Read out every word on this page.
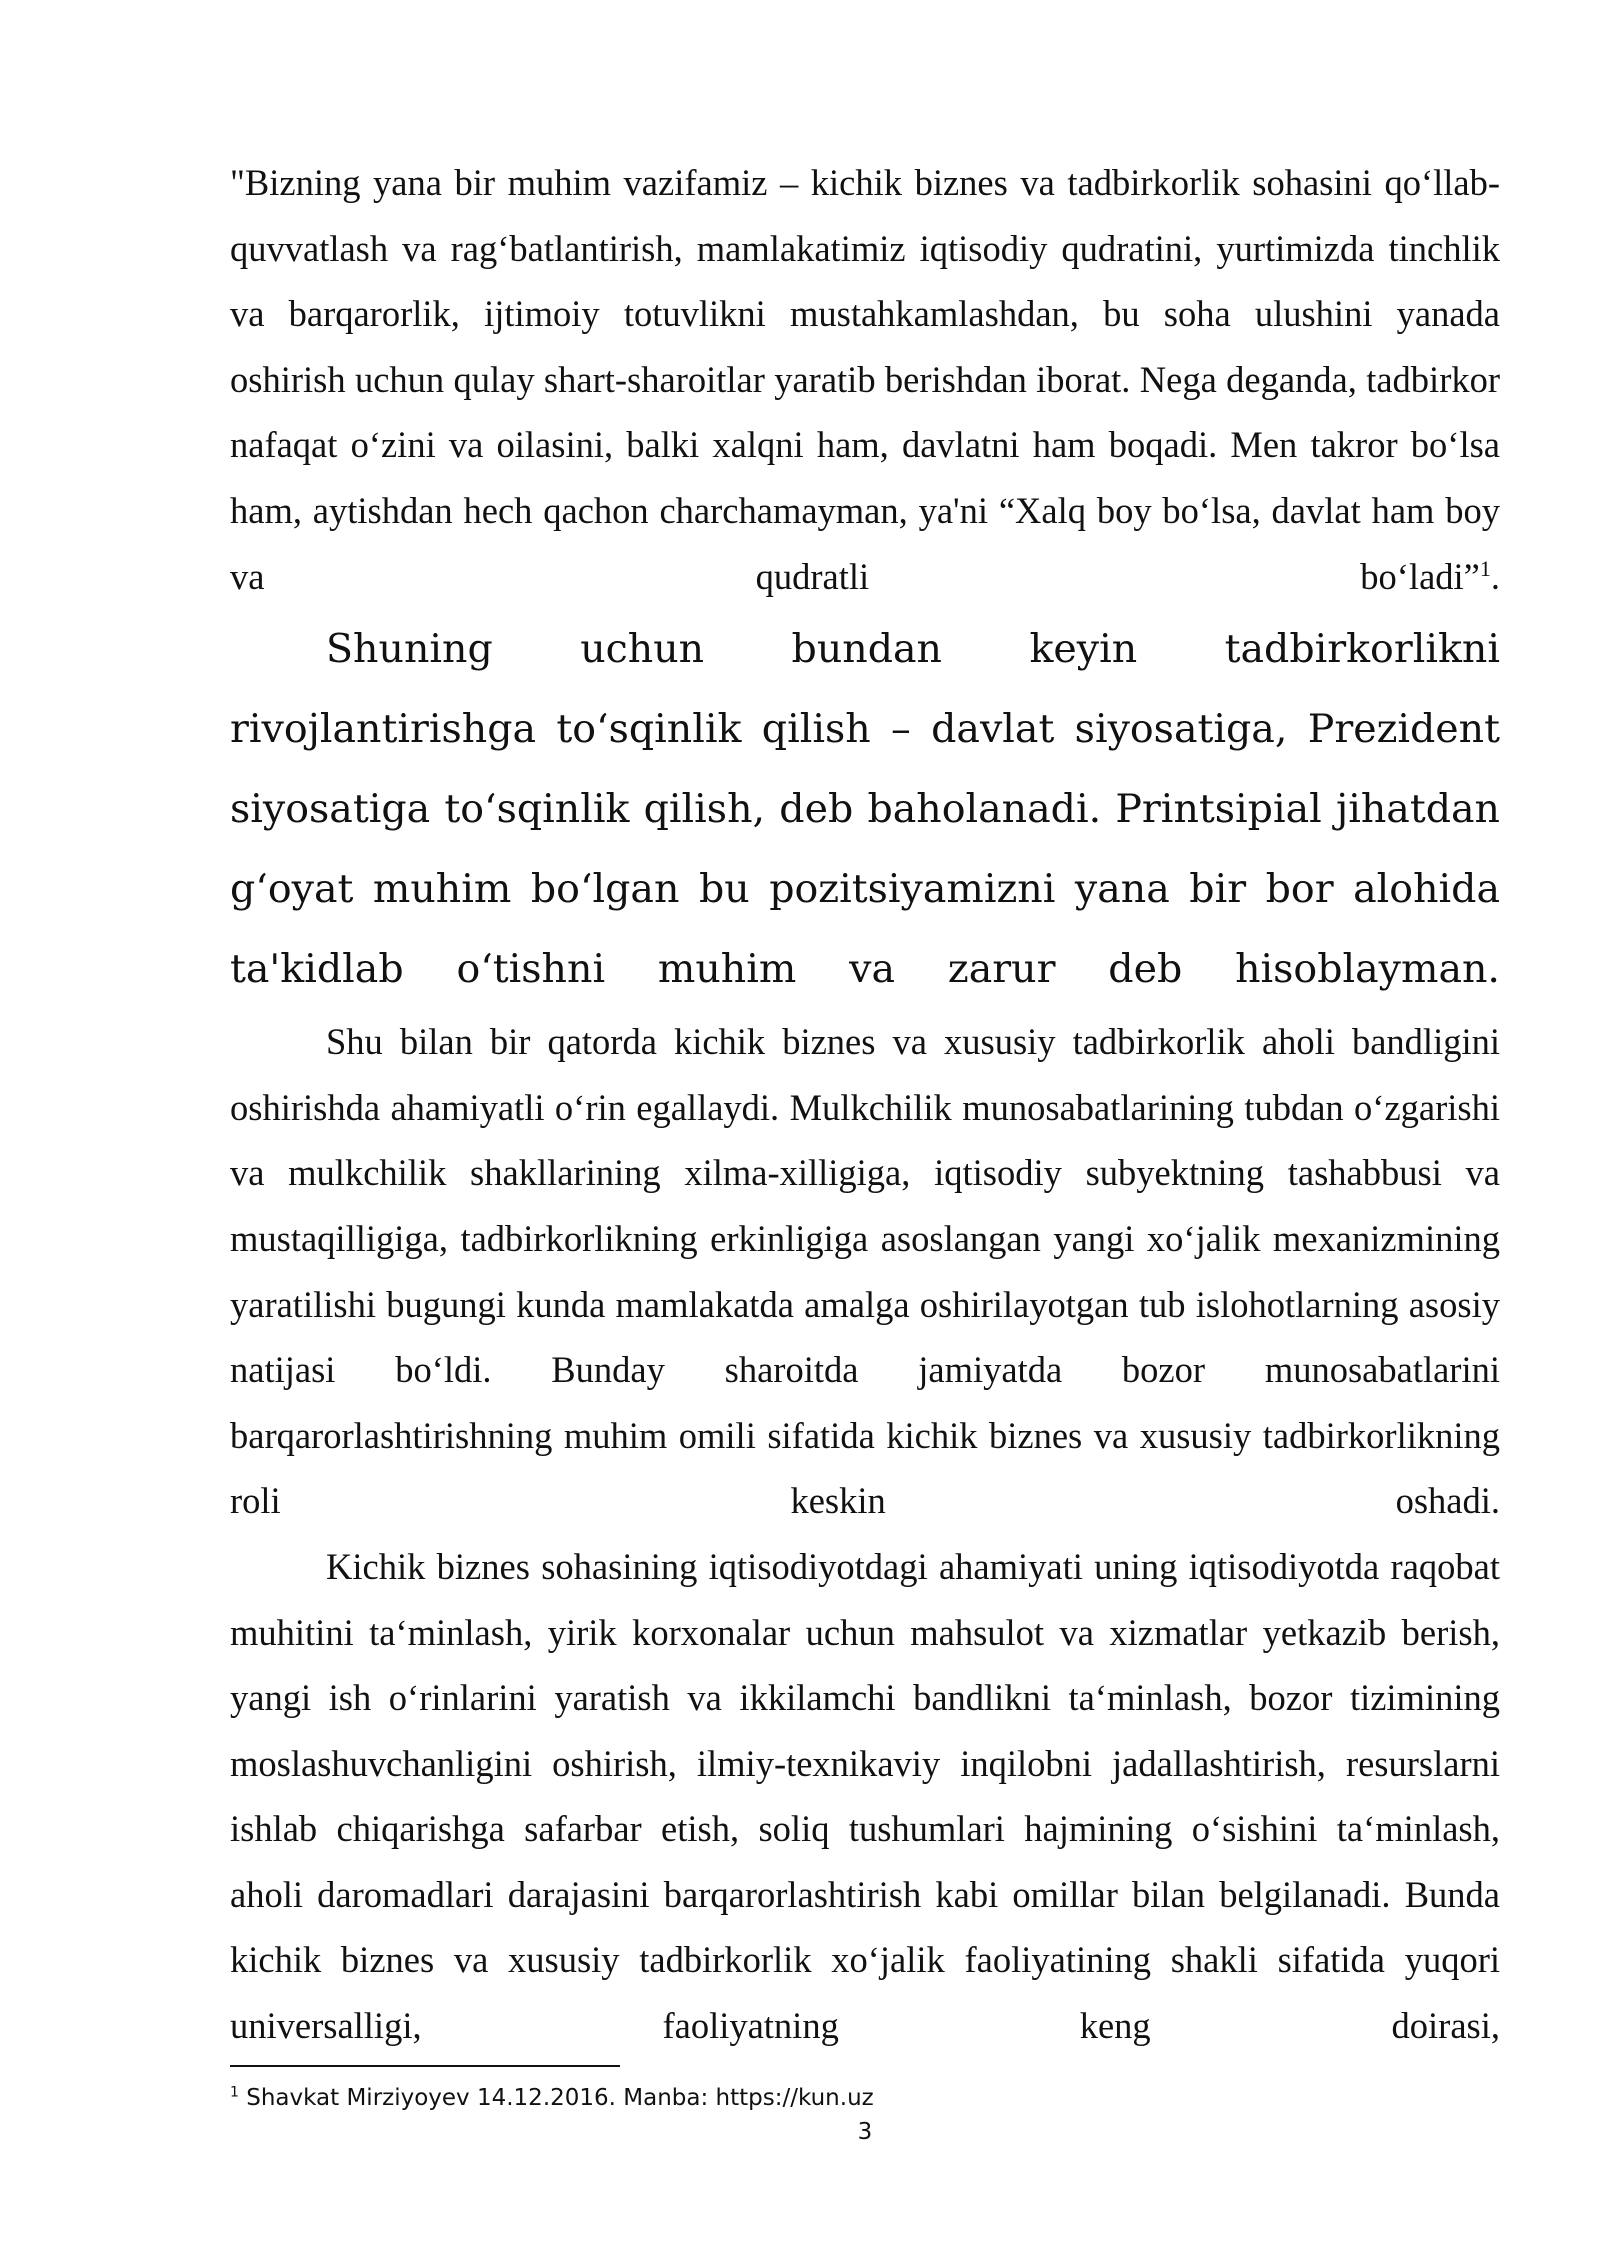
"Bizning yana bir muhim vazifamiz – kichik biznes va tadbirkorlik sohasini qo‘llab-quvvatlash va rag‘batlantirish, mamlakatimiz iqtisodiy qudratini, yurtimizda tinchlik va barqarorlik, ijtimoiy totuvlikni mustahkamlashdan, bu soha ulushini yanada oshirish uchun qulay shart-sharoitlar yaratib berishdan iborat. Nega deganda, tadbirkor nafaqat o‘zini va oilasini, balki xalqni ham, davlatni ham boqadi. Men takror bo‘lsa ham, aytishdan hech qachon charchamayman, ya'ni “Xalq boy bo‘lsa, davlat ham boy va qudratli bo‘ladi”$^1$.

Shuning uchun bundan keyin tadbirkorlikni rivojlantirishga to‘sqinlik qilish – davlat siyosatiga, Prezident siyosatiga to‘sqinlik qilish, deb baholanadi. Printsipial jihatdan g‘oyat muhim bo‘lgan bu pozitsiyamizni yana bir bor alohida ta'kidlab o‘tishni muhim va zarur deb hisoblayman.

Shu bilan bir qatorda kichik biznes va xususiy tadbirkorlik aholi bandligini oshirishda ahamiyatli o‘rin egallaydi. Mulkchilik munosabatlarining tubdan o‘zgarishi va mulkchilik shakllarining xilma-xilligiga, iqtisodiy subyektning tashabbusi va mustaqilligiga, tadbirkorlikning erkinligiga asoslangan yangi xo‘jalik mexanizmining yaratilishi bugungi kunda mamlakatda amalga oshirilayotgan tub islohotlarning asosiy natijasi bo‘ldi. Bunday sharoitda jamiyatda bozor munosabatlarini barqarorlashtirishning muhim omili sifatida kichik biznes va xususiy tadbirkorlikning roli keskin oshadi.

Kichik biznes sohasining iqtisodiyotdagi ahamiyati uning iqtisodiyotda raqobat muhitini ta‘minlash, yirik korxonalar uchun mahsulot va xizmatlar yetkazib berish, yangi ish o‘rinlarini yaratish va ikkilamchi bandlikni ta‘minlash, bozor tizimining moslashuvchanligini oshirish, ilmiy-texnikaviy inqilobni jadallashtirish, resurslarni ishlab chiqarishga safarbar etish, soliq tushumlari hajmining o‘sishini ta‘minlash, aholi daromadlari darajasini barqarorlashtirish kabi omillar bilan belgilanadi. Bunda kichik biznes va xususiy tadbirkorlik xo‘jalik faoliyatining shakli sifatida yuqori universalligi, faoliyatning keng doirasi,

$^1$ Shavkat Mirziyoyev 14.12.2016. Manba: https://kun.uz
3
